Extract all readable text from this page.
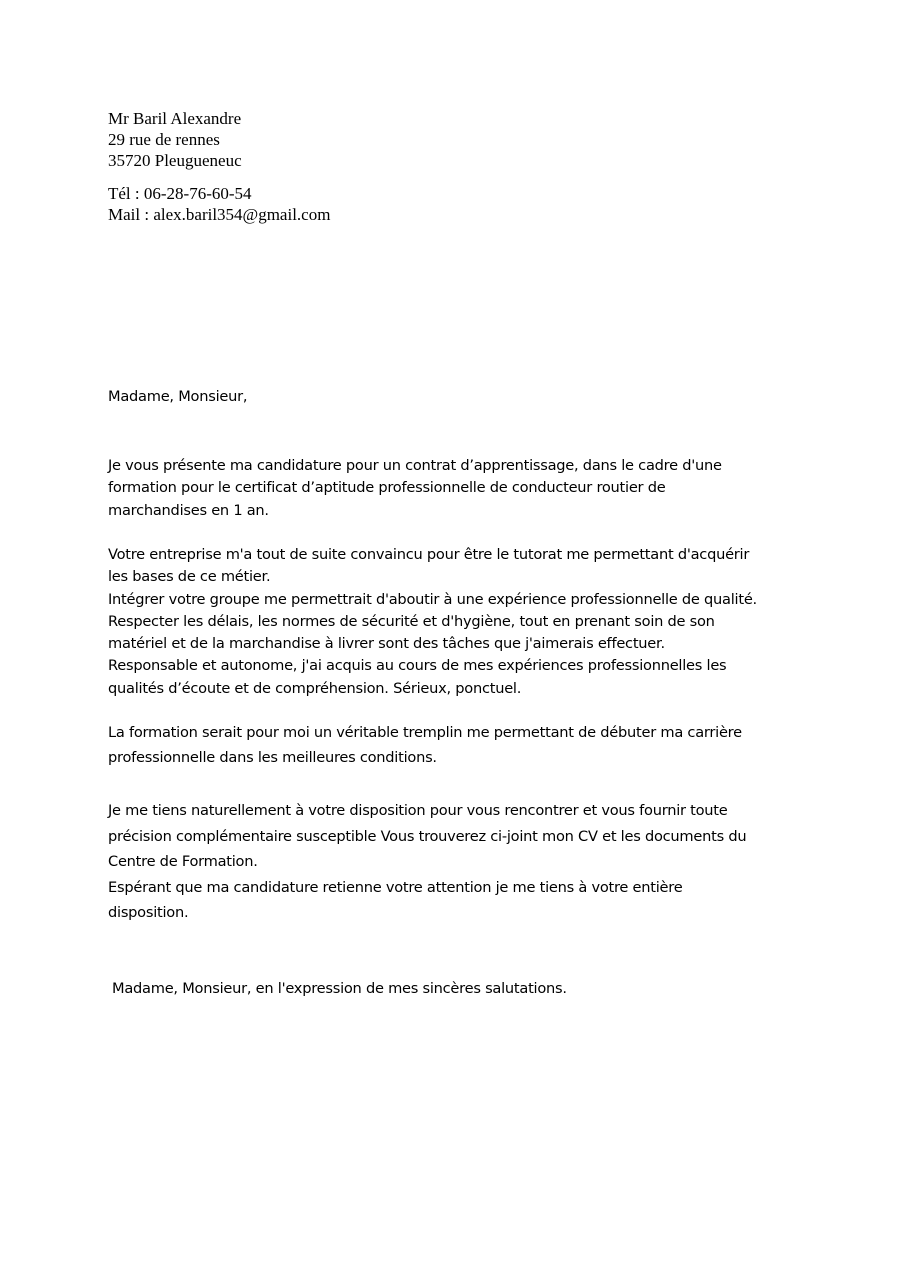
Mr Baril Alexandre
29 rue de rennes
35720 Pleugueneuc
Tél : 06-28-76-60-54
Mail : alex.baril354@gmail.com
Madame, Monsieur,
Je vous présente ma candidature pour un contrat d’apprentissage, dans le cadre d'une
formation pour le certificat d’aptitude professionnelle de conducteur routier de
marchandises en 1 an.
Votre entreprise m'a tout de suite convaincu pour être le tutorat me permettant d'acquérir
les bases de ce métier.
Intégrer votre groupe me permettrait d'aboutir à une expérience professionnelle de qualité.
Respecter les délais, les normes de sécurité et d'hygiène, tout en prenant soin de son
matériel et de la marchandise à livrer sont des tâches que j'aimerais effectuer.
Responsable et autonome, j'ai acquis au cours de mes expériences professionnelles les
qualités d’écoute et de compréhension. Sérieux, ponctuel.
La formation serait pour moi un véritable tremplin me permettant de débuter ma carrière
professionnelle dans les meilleures conditions.
Je me tiens naturellement à votre disposition pour vous rencontrer et vous fournir toute
précision complémentaire susceptible Vous trouverez ci-joint mon CV et les documents du
Centre de Formation.
Espérant que ma candidature retienne votre attention je me tiens à votre entière
disposition.
Madame, Monsieur, en l'expression de mes sincères salutations.
